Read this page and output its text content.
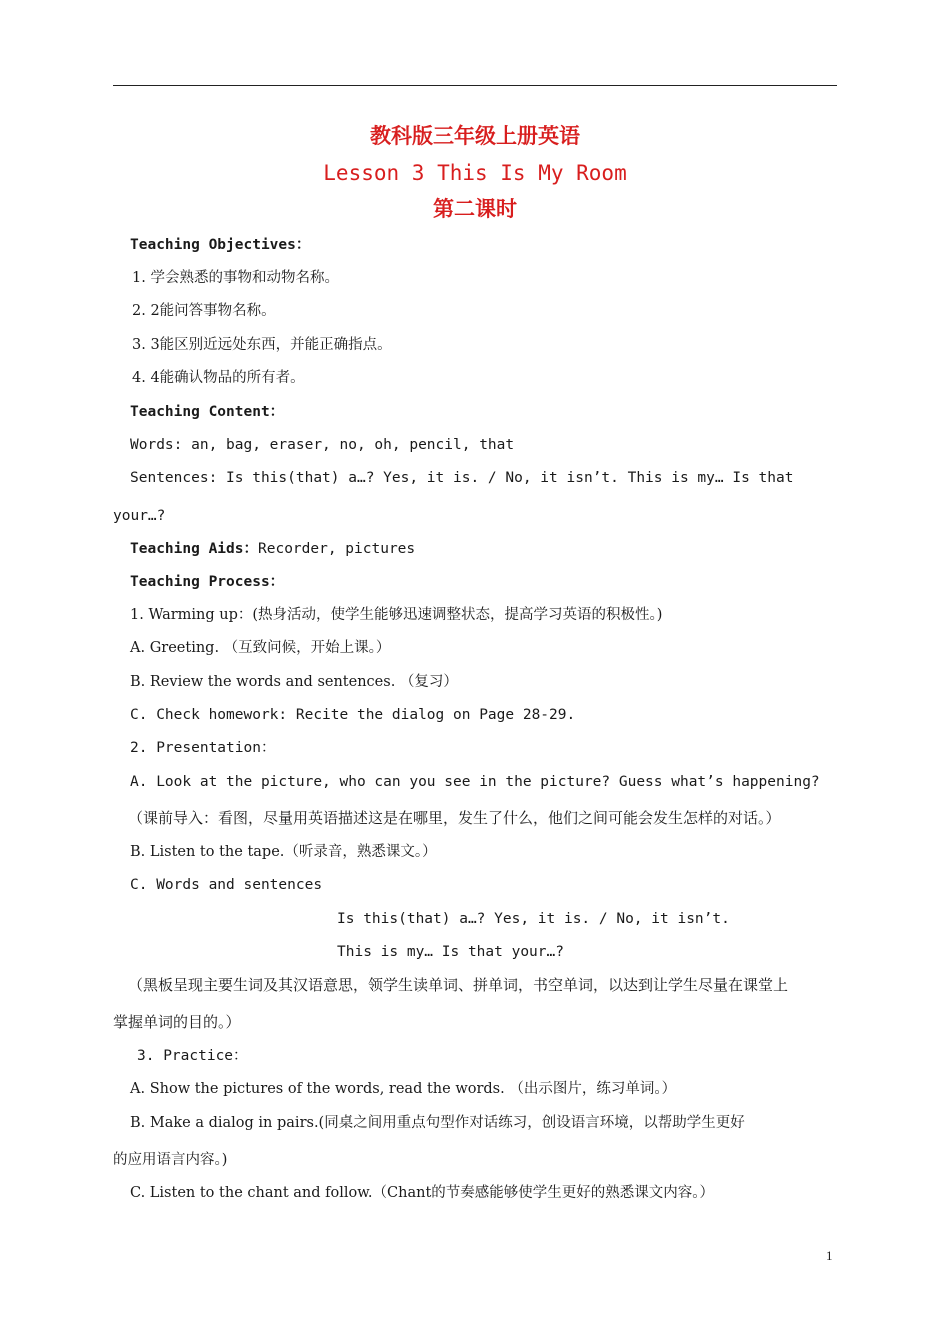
教科版三年级上册英语
Lesson 3 This Is My Room
第二课时
Teaching Objectives：
1. 学会熟悉的事物和动物名称。
2. 2能问答事物名称。
3. 3能区别近远处东西，并能正确指点。
4. 4能确认物品的所有者。
Teaching Content：
Words: an, bag, eraser, no, oh, pencil, that
Sentences: Is this(that) a…? Yes, it is. / No, it isn’t. This is my… Is that
your…?
Teaching Aids：Recorder, pictures
Teaching Process：
1. Warming up：(热身活动，使学生能够迅速调整状态，提高学习英语的积极性。)
A. Greeting. （互致问候，开始上课。）
B. Review the words and sentences. （复习）
C. Check homework: Recite the dialog on Page 28-29.
2. Presentation：
A. Look at the picture, who can you see in the picture? Guess what’s happening?
（课前导入：看图，尽量用英语描述这是在哪里，发生了什么，他们之间可能会发生怎样的对话。）
B. Listen to the tape.（听录音，熟悉课文。）
C. Words and sentences
Is this(that) a…? Yes, it is. / No, it isn’t.
This is my… Is that your…?
（黑板呈现主要生词及其汉语意思，领学生读单词、拼单词，书空单词，以达到让学生尽量在课堂上
掌握单词的目的。）
3. Practice：
A. Show the pictures of the words, read the words. （出示图片，练习单词。）
B. Make a dialog in pairs.(同桌之间用重点句型作对话练习，创设语言环境，以帮助学生更好
的应用语言内容。)
C. Listen to the chant and follow.（Chant的节奏感能够使学生更好的熟悉课文内容。）
1
